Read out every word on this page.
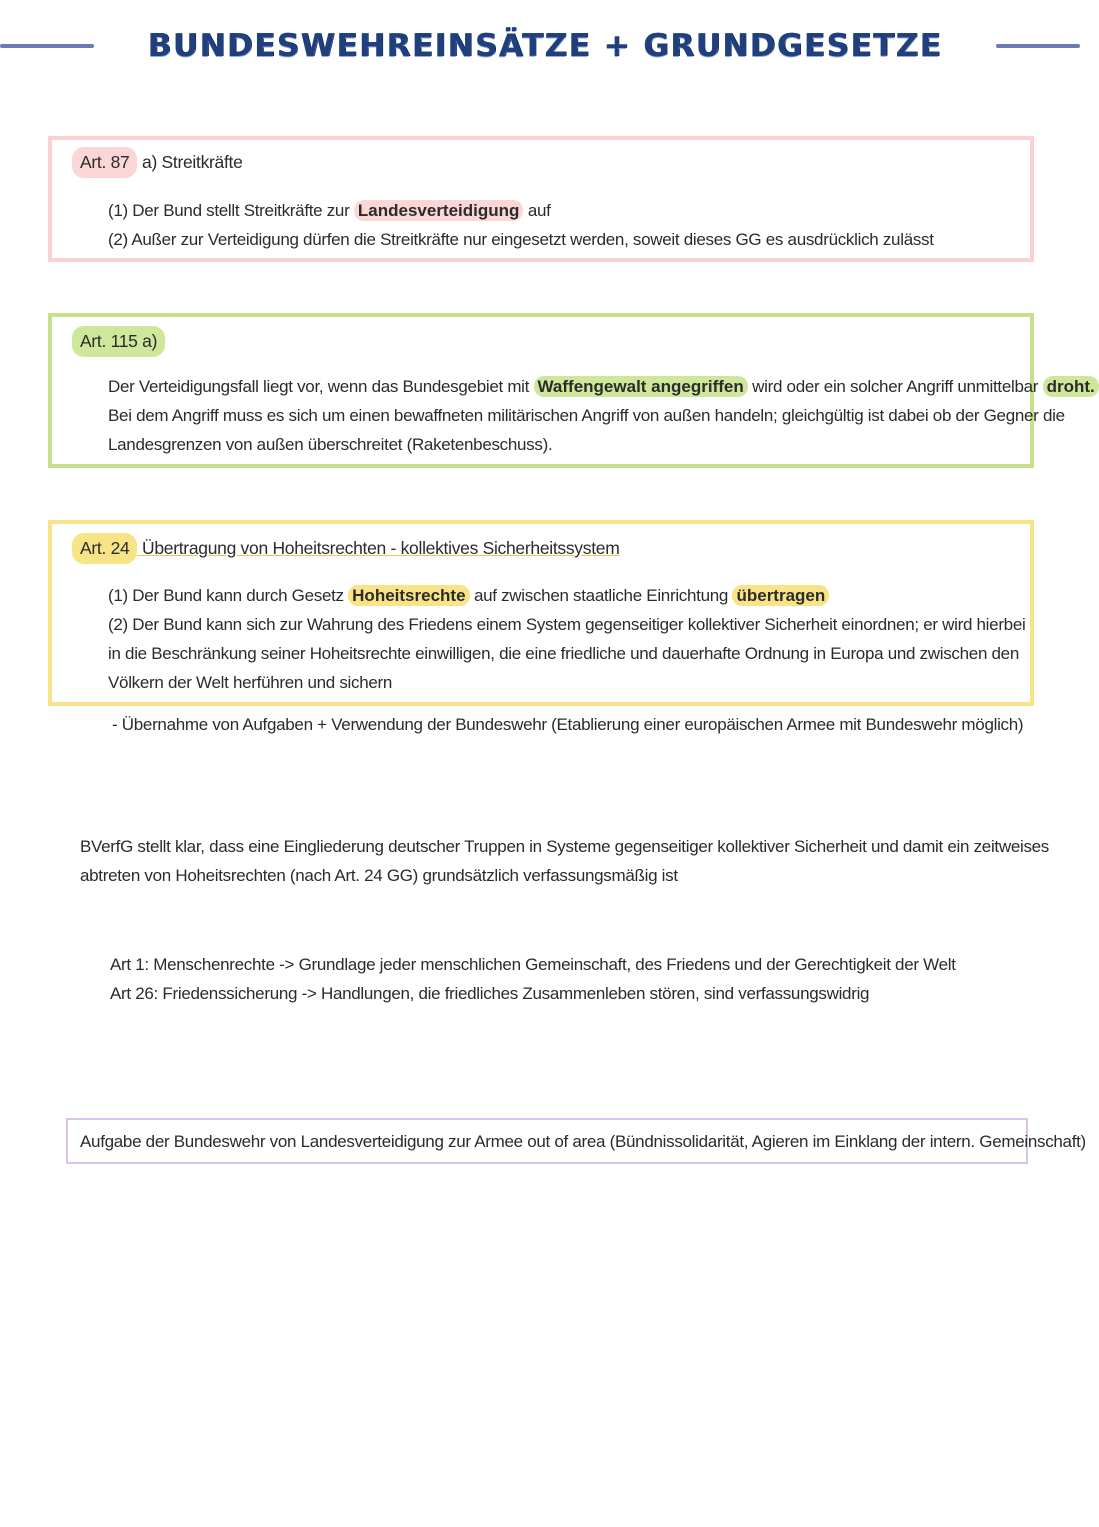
BUNDESWEHREINSÄTZE + GRUNDGESETZE
Art. 87 a) Streitkräfte
(1) Der Bund stellt Streitkräfte zur Landesverteidigung auf
(2) Außer zur Verteidigung dürfen die Streitkräfte nur eingesetzt werden, soweit dieses GG es ausdrücklich zulässt
Art. 115 a)
Der Verteidigungsfall liegt vor, wenn das Bundesgebiet mit Waffengewalt angegriffen wird oder ein solcher Angriff unmittelbar droht.
Bei dem Angriff muss es sich um einen bewaffneten militärischen Angriff von außen handeln; gleichgültig ist dabei ob der Gegner die
Landesgrenzen von außen überschreitet (Raketenbeschuss).
Art. 24 Übertragung von Hoheitsrechten - kollektives Sicherheitssystem
(1) Der Bund kann durch Gesetz Hoheitsrechte auf zwischen staatliche Einrichtung übertragen
(2) Der Bund kann sich zur Wahrung des Friedens einem System gegenseitiger kollektiver Sicherheit einordnen; er wird hierbei
in die Beschränkung seiner Hoheitsrechte einwilligen, die eine friedliche und dauerhafte Ordnung in Europa und zwischen den
Völkern der Welt herführen und sichern
- Übernahme von Aufgaben + Verwendung der Bundeswehr (Etablierung einer europäischen Armee mit Bundeswehr möglich)
BVerfG stellt klar, dass eine Eingliederung deutscher Truppen in Systeme gegenseitiger kollektiver Sicherheit und damit ein zeitweises
abtreten von Hoheitsrechten (nach Art. 24 GG) grundsätzlich verfassungsmäßig ist
Art 1: Menschenrechte -> Grundlage jeder menschlichen Gemeinschaft, des Friedens und der Gerechtigkeit der Welt
Art 26: Friedenssicherung -> Handlungen, die friedliches Zusammenleben stören, sind verfassungswidrig
Aufgabe der Bundeswehr von Landesverteidigung zur Armee out of area (Bündnissolidarität, Agieren im Einklang der intern. Gemeinschaft)
